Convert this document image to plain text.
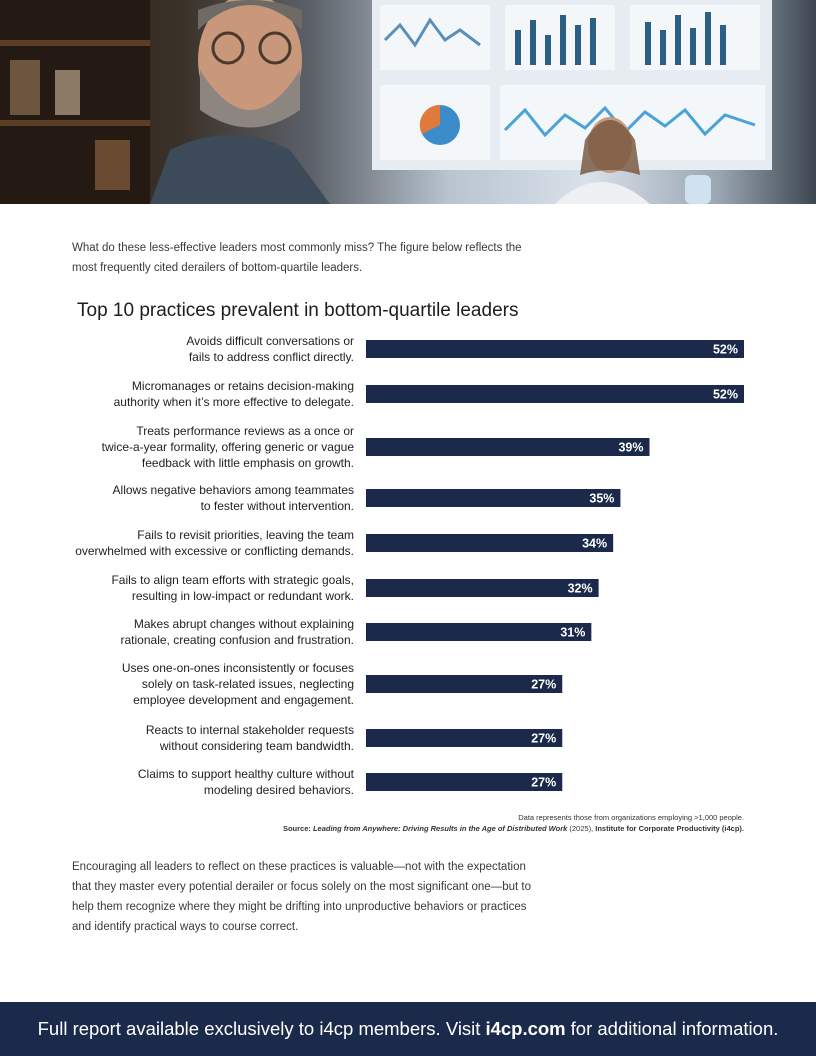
What do these less-effective leaders most commonly miss? The figure below reflects the most frequently cited derailers of bottom-quartile leaders.
Top 10 practices prevalent in bottom-quartile leaders
52%
Avoids difficult conversations or
fails to address conflict directly.
52%
Micromanages or retains decision-making
authority when it’s more effective to delegate.
39%
Treats performance reviews as a once or
twice-a-year formality, offering generic or vague
feedback with little emphasis on growth.
35%
Allows negative behaviors among teammates
to fester without intervention.
34%
Fails to revisit priorities, leaving the team
overwhelmed with excessive or conflicting demands.
32%
Fails to align team efforts with strategic goals,
resulting in low-impact or redundant work.
31%
Makes abrupt changes without explaining
rationale, creating confusion and frustration.
27%
Uses one-on-ones inconsistently or focuses
solely on task-related issues, neglecting
employee development and engagement.
27%
Reacts to internal stakeholder requests
without considering team bandwidth.
27%
Claims to support healthy culture without
modeling desired behaviors.
Data represents those from organizations employing >1,000 people.
Source: Leading from Anywhere: Driving Results in the Age of Distributed Work (2025), Institute for Corporate Productivity (i4cp).
Encouraging all leaders to reflect on these practices is valuable—not with the expectation that they master every potential derailer or focus solely on the most significant one—but to help them recognize where they might be drifting into unproductive behaviors or practices and identify practical ways to course correct.
Full report available exclusively to i4cp members. Visit i4cp.com for additional information.
